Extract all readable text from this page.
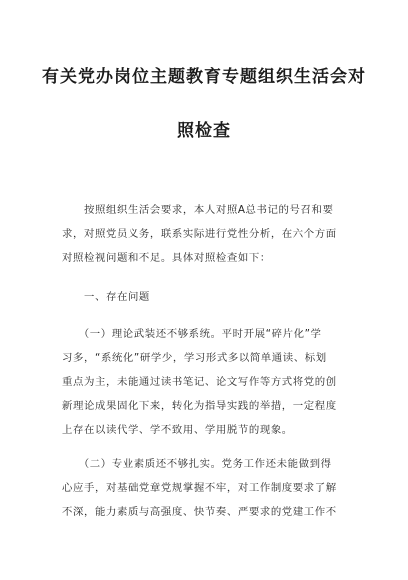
有关党办岗位主题教育专题组织生活会对
照检查
　　按照组织生活会要求，本人对照A总书记的号召和要
求，对照党员义务，联系实际进行党性分析，在六个方面
对照检视问题和不足。具体对照检查如下：
　　一、存在问题
　　（一）理论武装还不够系统。平时开展“碎片化”学
习多，“系统化”研学少，学习形式多以简单通读、标划
重点为主，未能通过读书笔记、论文写作等方式将党的创
新理论成果固化下来，转化为指导实践的举措，一定程度
上存在以读代学、学不致用、学用脱节的现象。
　　（二）专业素质还不够扎实。党务工作还未能做到得
心应手，对基础党章党规掌握不牢，对工作制度要求了解
不深，能力素质与高强度、快节奏、严要求的党建工作不
